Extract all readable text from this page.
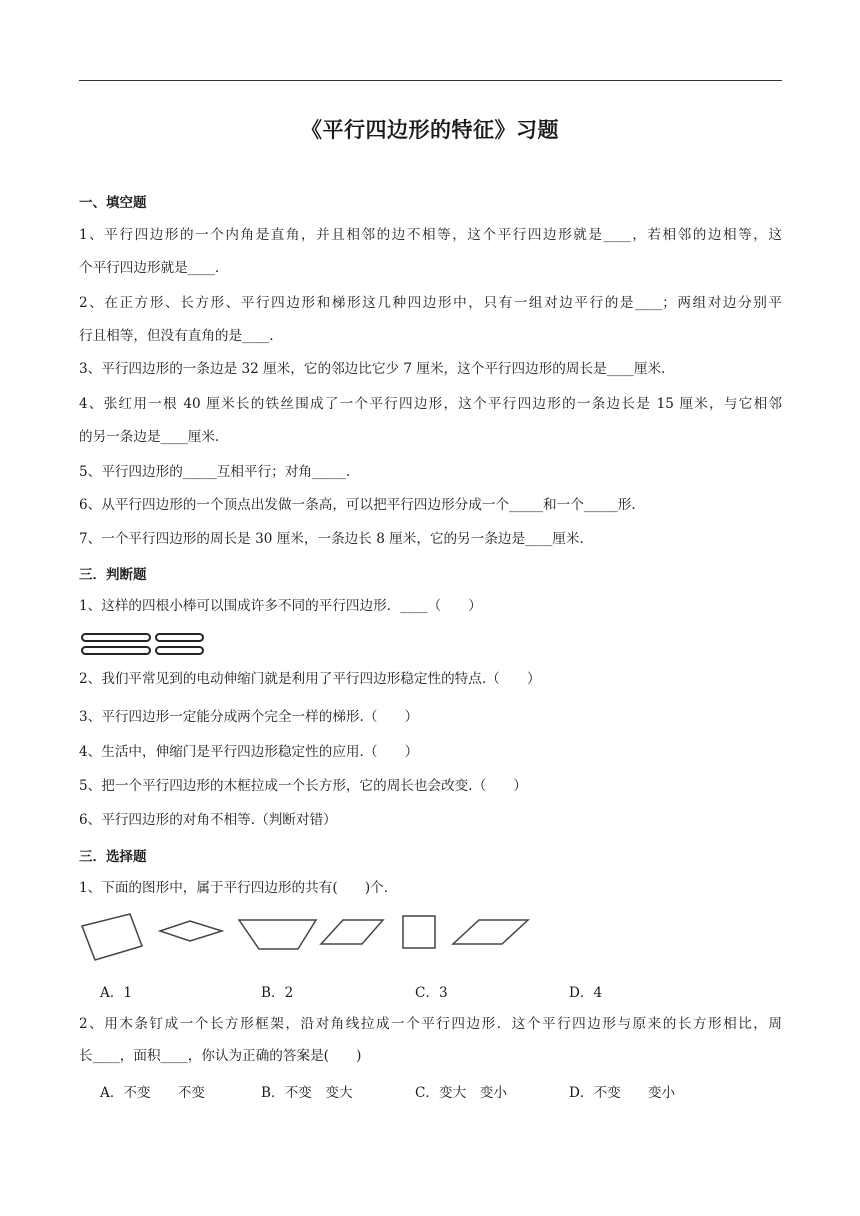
《平行四边形的特征》习题
一、填空题
1、平行四边形的一个内角是直角，并且相邻的边不相等，这个平行四边形就是____，若相邻的边相等，这
个平行四边形就是____.
2、在正方形、长方形、平行四边形和梯形这几种四边形中，只有一组对边平行的是____；两组对边分别平
行且相等，但没有直角的是____.
3、平行四边形的一条边是 32 厘米，它的邻边比它少 7 厘米，这个平行四边形的周长是____厘米.
4、张红用一根 40 厘米长的铁丝围成了一个平行四边形，这个平行四边形的一条边长是 15 厘米，与它相邻
的另一条边是____厘米.
5、平行四边形的_____互相平行；对角_____.
6、从平行四边形的一个顶点出发做一条高，可以把平行四边形分成一个_____和一个_____形.
7、一个平行四边形的周长是 30 厘米，一条边长 8 厘米，它的另一条边是____厘米.
三．判断题
1、这样的四根小棒可以围成许多不同的平行四边形．____（　　）
2、我们平常见到的电动伸缩门就是利用了平行四边形稳定性的特点.（　　）
3、平行四边形一定能分成两个完全一样的梯形.（　　）
4、生活中，伸缩门是平行四边形稳定性的应用.（　　）
5、把一个平行四边形的木框拉成一个长方形，它的周长也会改变.（　　）
6、平行四边形的对角不相等.（判断对错）
三．选择题
1、下面的图形中，属于平行四边形的共有(　　)个.
A．1	B．2	C．3	D．4
2、用木条钉成一个长方形框架，沿对角线拉成一个平行四边形．这个平行四边形与原来的长方形相比，周
长____，面积____，你认为正确的答案是(　　)
A．不变　　不变	B．不变　变大	C．变大　变小	D．不变　　变小
